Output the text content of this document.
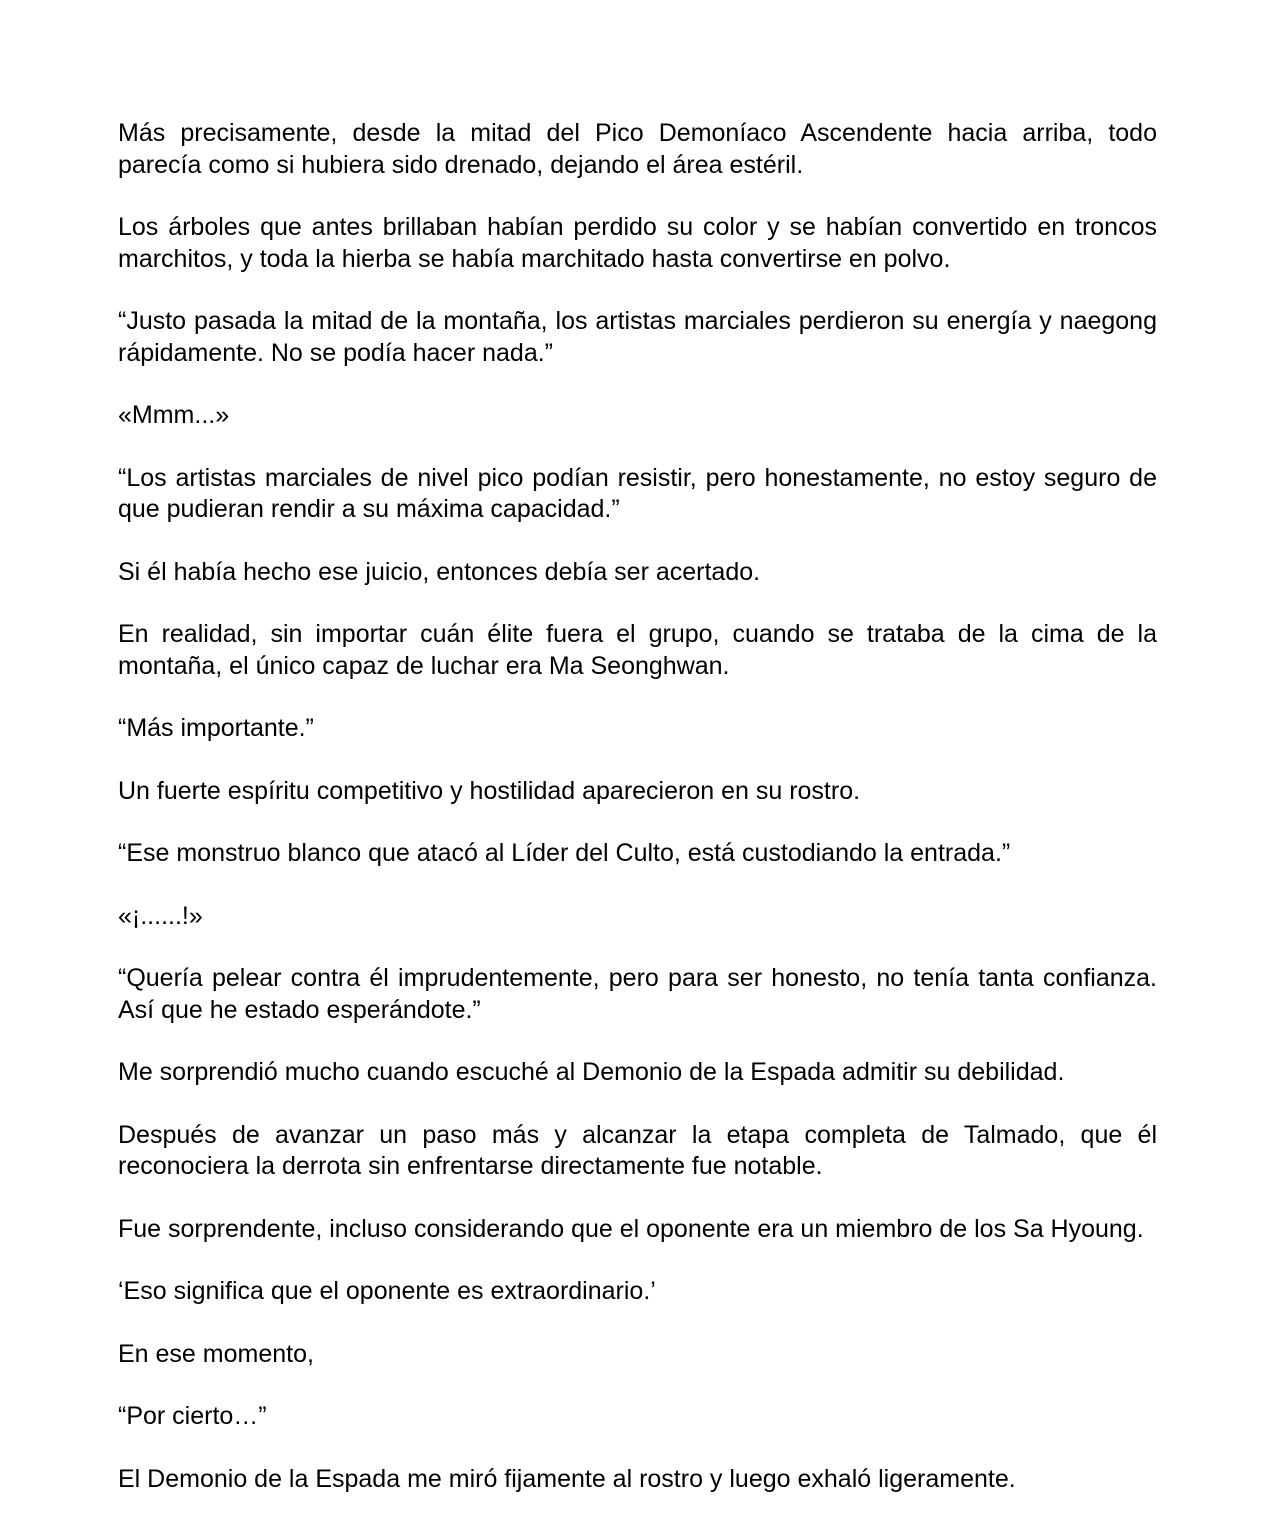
Más precisamente, desde la mitad del Pico Demoníaco Ascendente hacia arriba, todo parecía como si hubiera sido drenado, dejando el área estéril.

Los árboles que antes brillaban habían perdido su color y se habían convertido en troncos marchitos, y toda la hierba se había marchitado hasta convertirse en polvo.

“Justo pasada la mitad de la montaña, los artistas marciales perdieron su energía y naegong rápidamente. No se podía hacer nada.”

«Mmm...»

“Los artistas marciales de nivel pico podían resistir, pero honestamente, no estoy seguro de que pudieran rendir a su máxima capacidad.”

Si él había hecho ese juicio, entonces debía ser acertado.

En realidad, sin importar cuán élite fuera el grupo, cuando se trataba de la cima de la montaña, el único capaz de luchar era Ma Seonghwan.

“Más importante.”

Un fuerte espíritu competitivo y hostilidad aparecieron en su rostro.

“Ese monstruo blanco que atacó al Líder del Culto, está custodiando la entrada.”

«¡......!»

“Quería pelear contra él imprudentemente, pero para ser honesto, no tenía tanta confianza. Así que he estado esperándote.”

Me sorprendió mucho cuando escuché al Demonio de la Espada admitir su debilidad.

Después de avanzar un paso más y alcanzar la etapa completa de Talmado, que él reconociera la derrota sin enfrentarse directamente fue notable.

Fue sorprendente, incluso considerando que el oponente era un miembro de los Sa Hyoung.

‘Eso significa que el oponente es extraordinario.’

En ese momento,

“Por cierto…”

El Demonio de la Espada me miró fijamente al rostro y luego exhaló ligeramente.
